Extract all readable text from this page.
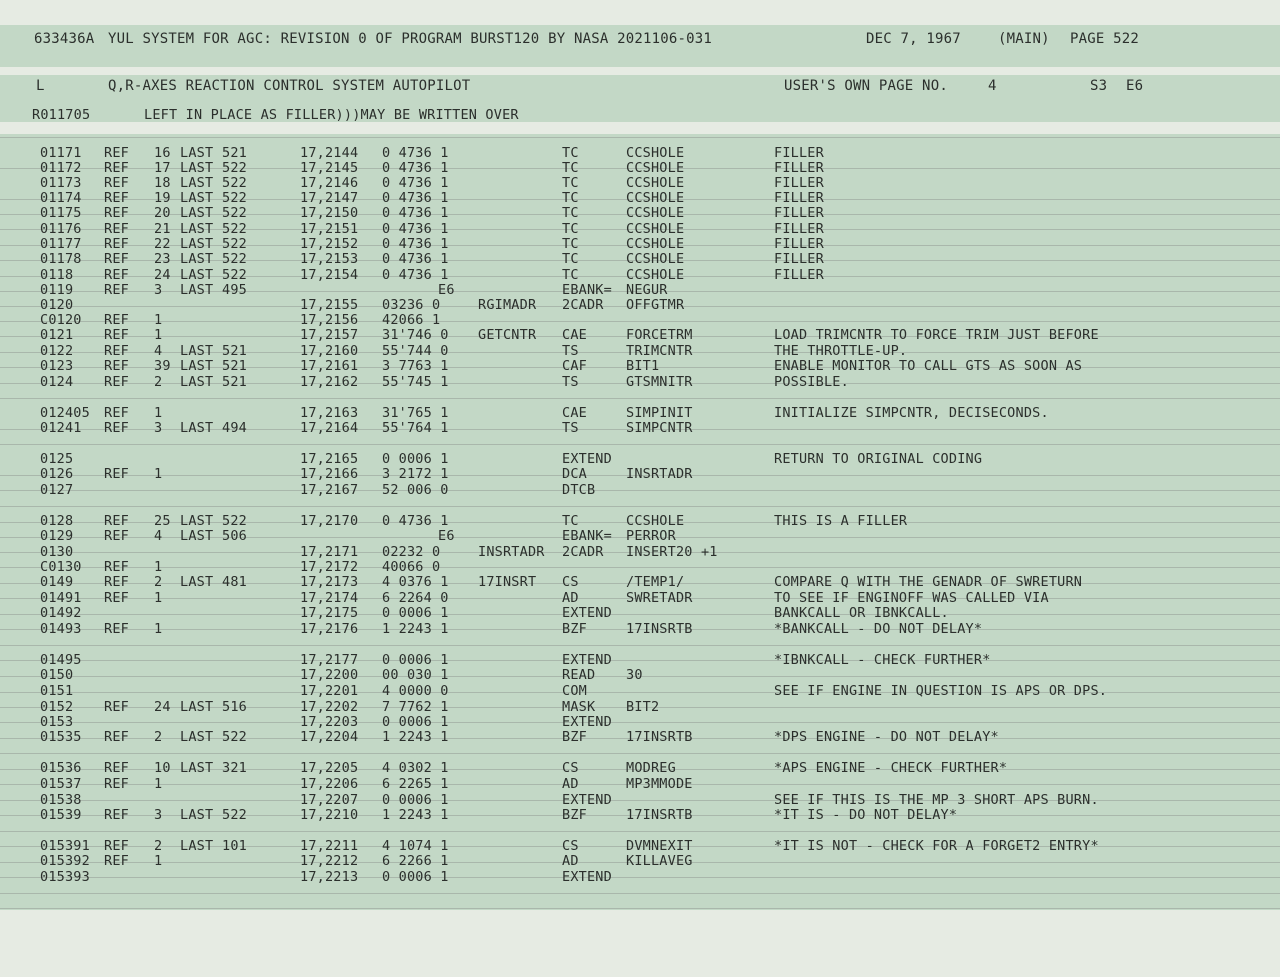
633436A YUL SYSTEM FOR AGC: REVISION 0 OF PROGRAM BURST120 BY NASA 2021106-031	DEC 7, 1967	(MAIN) PAGE 522
L	Q,R-AXES REACTION CONTROL SYSTEM AUTOPILOT	USER'S OWN PAGE NO.	4	S3 E6
R011705	LEFT IN PLACE AS FILLER)))MAY BE WRITTEN OVER
01171 REF 16 LAST 521	17,2144 0 4736 1	TC	CCSHOLE	FILLER
01172 REF 17 LAST 522	17,2145 0 4736 1	TC	CCSHOLE	FILLER
01173 REF 18 LAST 522	17,2146 0 4736 1	TC	CCSHOLE	FILLER
01174 REF 19 LAST 522	17,2147 0 4736 1	TC	CCSHOLE	FILLER
01175 REF 20 LAST 522	17,2150 0 4736 1	TC	CCSHOLE	FILLER
01176 REF 21 LAST 522	17,2151 0 4736 1	TC	CCSHOLE	FILLER
01177 REF 22 LAST 522	17,2152 0 4736 1	TC	CCSHOLE	FILLER
01178 REF 23 LAST 522	17,2153 0 4736 1	TC	CCSHOLE	FILLER
0118 REF 24 LAST 522	17,2154 0 4736 1	TC	CCSHOLE	FILLER
0119 REF 3 LAST 495	E6	EBANK= NEGUR
0120	17,2155 03236 0	RGIMADR 2CADR OFFGTMR
C0120 REF 1	17,2156 42066 1
0121 REF 1	17,2157 31'746 0 GETCNTR CAE	FORCETRM	LOAD TRIMCNTR TO FORCE TRIM JUST BEFORE
0122 REF 4 LAST 521	17,2160 55'744 0	TS	TRIMCNTR	THE THROTTLE-UP.
0123 REF 39 LAST 521	17,2161 3 7763 1	CAF	BIT1	ENABLE MONITOR TO CALL GTS AS SOON AS
0124 REF 2 LAST 521	17,2162 55'745 1	TS	GTSMNITR	POSSIBLE.
012405 REF 1	17,2163 31'765 1	CAE	SIMPINIT	INITIALIZE SIMPCNTR, DECISECONDS.
01241 REF 3 LAST 494	17,2164 55'764 1	TS	SIMPCNTR
0125	17,2165 0 0006 1	EXTEND	RETURN TO ORIGINAL CODING
0126 REF 1	17,2166 3 2172 1	DCA	INSRTADR
0127	17,2167 52 006 0	DTCB
0128 REF 25 LAST 522	17,2170 0 4736 1	TC	CCSHOLE	THIS IS A FILLER
0129 REF 4 LAST 506	E6	EBANK= PERROR
0130	17,2171 02232 0	INSRTADR 2CADR INSERT20 +1
C0130 REF 1	17,2172 40066 0
0149 REF 2 LAST 481	17,2173 4 0376 1 17INSRT CS	/TEMP1/	COMPARE Q WITH THE GENADR OF SWRETURN
01491 REF 1	17,2174 6 2264 0	AD	SWRETADR	TO SEE IF ENGINOFF WAS CALLED VIA
01492	17,2175 0 0006 1	EXTEND	BANKCALL OR IBNKCALL.
01493 REF 1	17,2176 1 2243 1	BZF	17INSRTB	*BANKCALL - DO NOT DELAY*
01495	17,2177 0 0006 1	EXTEND	*IBNKCALL - CHECK FURTHER*
0150	17,2200 00 030 1	READ 30
0151	17,2201 4 0000 0	COM	SEE IF ENGINE IN QUESTION IS APS OR DPS.
0152 REF 24 LAST 516	17,2202 7 7762 1	MASK BIT2
0153	17,2203 0 0006 1	EXTEND
01535 REF 2 LAST 522	17,2204 1 2243 1	BZF	17INSRTB	*DPS ENGINE - DO NOT DELAY*
01536 REF 10 LAST 321	17,2205 4 0302 1	CS	MODREG	*APS ENGINE - CHECK FURTHER*
01537 REF 1	17,2206 6 2265 1	AD	MP3MMODE
01538	17,2207 0 0006 1	EXTEND	SEE IF THIS IS THE MP 3 SHORT APS BURN.
01539 REF 3 LAST 522	17,2210 1 2243 1	BZF	17INSRTB	*IT IS - DO NOT DELAY*
015391 REF 2 LAST 101	17,2211 4 1074 1	CS	DVMNEXIT	*IT IS NOT - CHECK FOR A FORGET2 ENTRY*
015392 REF 1	17,2212 6 2266 1	AD	KILLAVEG
015393	17,2213 0 0006 1	EXTEND
